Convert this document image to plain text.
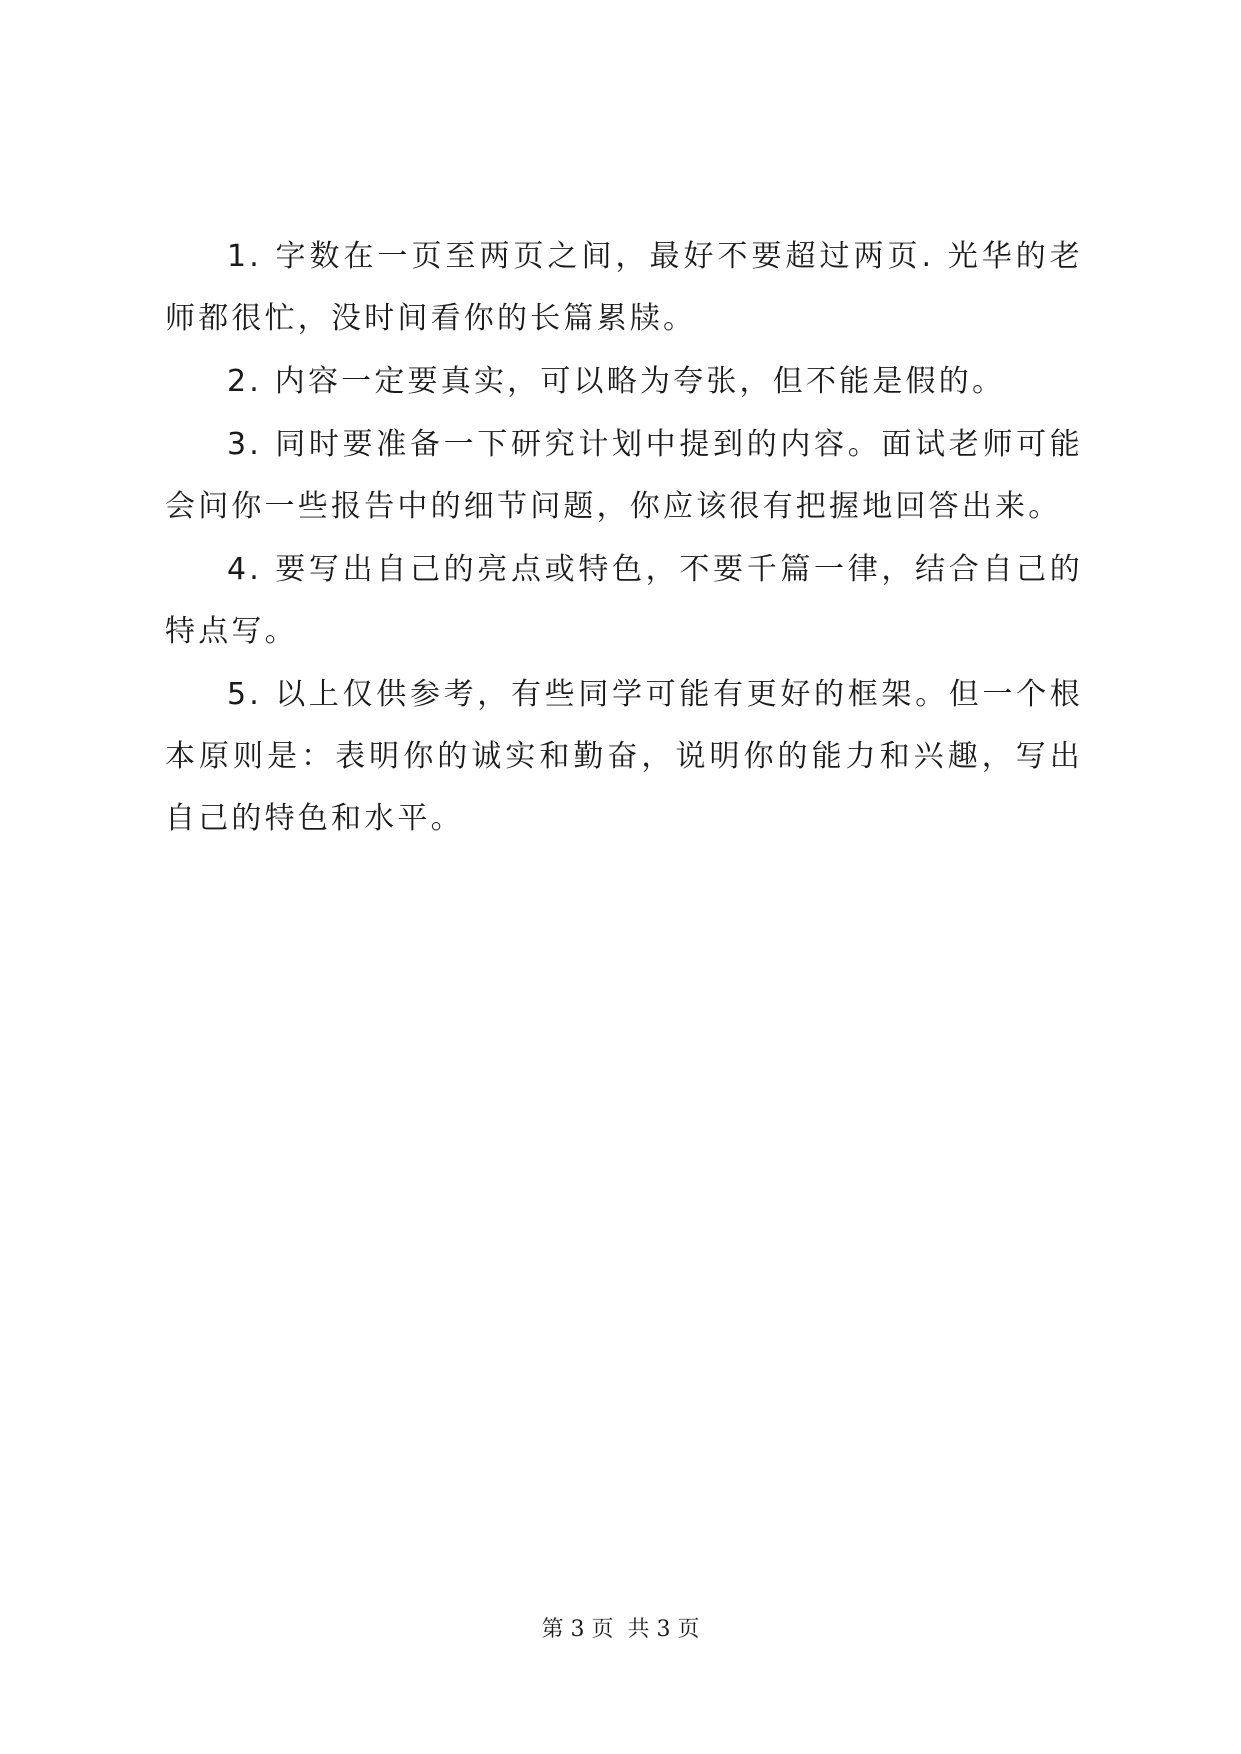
1. 字数在一页至两页之间，最好不要超过两页. 光华的老师都很忙，没时间看你的长篇累牍。

2. 内容一定要真实，可以略为夸张，但不能是假的。

3. 同时要准备一下研究计划中提到的内容。面试老师可能会问你一些报告中的细节问题，你应该很有把握地回答出来。

4. 要写出自己的亮点或特色，不要千篇一律，结合自己的特点写。

5. 以上仅供参考，有些同学可能有更好的框架。但一个根本原则是：表明你的诚实和勤奋，说明你的能力和兴趣，写出自己的特色和水平。

第 3 页 共 3 页
